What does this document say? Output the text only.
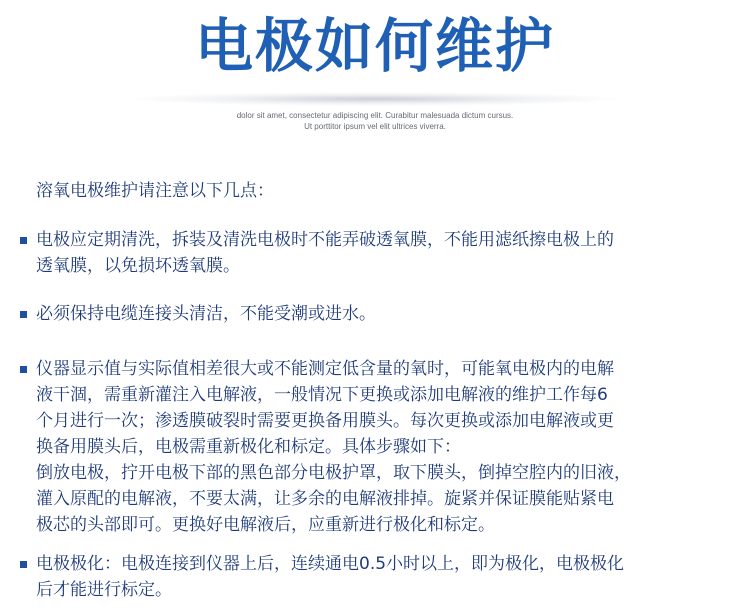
电极如何维护
dolor sit amet, consectetur adipiscing elit. Curabitur malesuada dictum cursus.
Ut porttitor ipsum vel elit ultrices viverra.
溶氧电极维护请注意以下几点：
电极应定期清洗，拆装及清洗电极时不能弄破透氧膜，不能用滤纸擦电极上的
透氧膜，以免损坏透氧膜。
必须保持电缆连接头清洁，不能受潮或进水。
仪器显示值与实际值相差很大或不能测定低含量的氧时，可能氧电极内的电解
液干涸，需重新灌注入电解液，一般情况下更换或添加电解液的维护工作每6
个月进行一次；渗透膜破裂时需要更换备用膜头。每次更换或添加电解液或更
换备用膜头后，电极需重新极化和标定。具体步骤如下：
倒放电极，拧开电极下部的黑色部分电极护罩，取下膜头，倒掉空腔内的旧液，
灌入原配的电解液，不要太满，让多余的电解液排掉。旋紧并保证膜能贴紧电
极芯的头部即可。更换好电解液后，应重新进行极化和标定。
电极极化：电极连接到仪器上后，连续通电0.5小时以上，即为极化，电极极化
后才能进行标定。
